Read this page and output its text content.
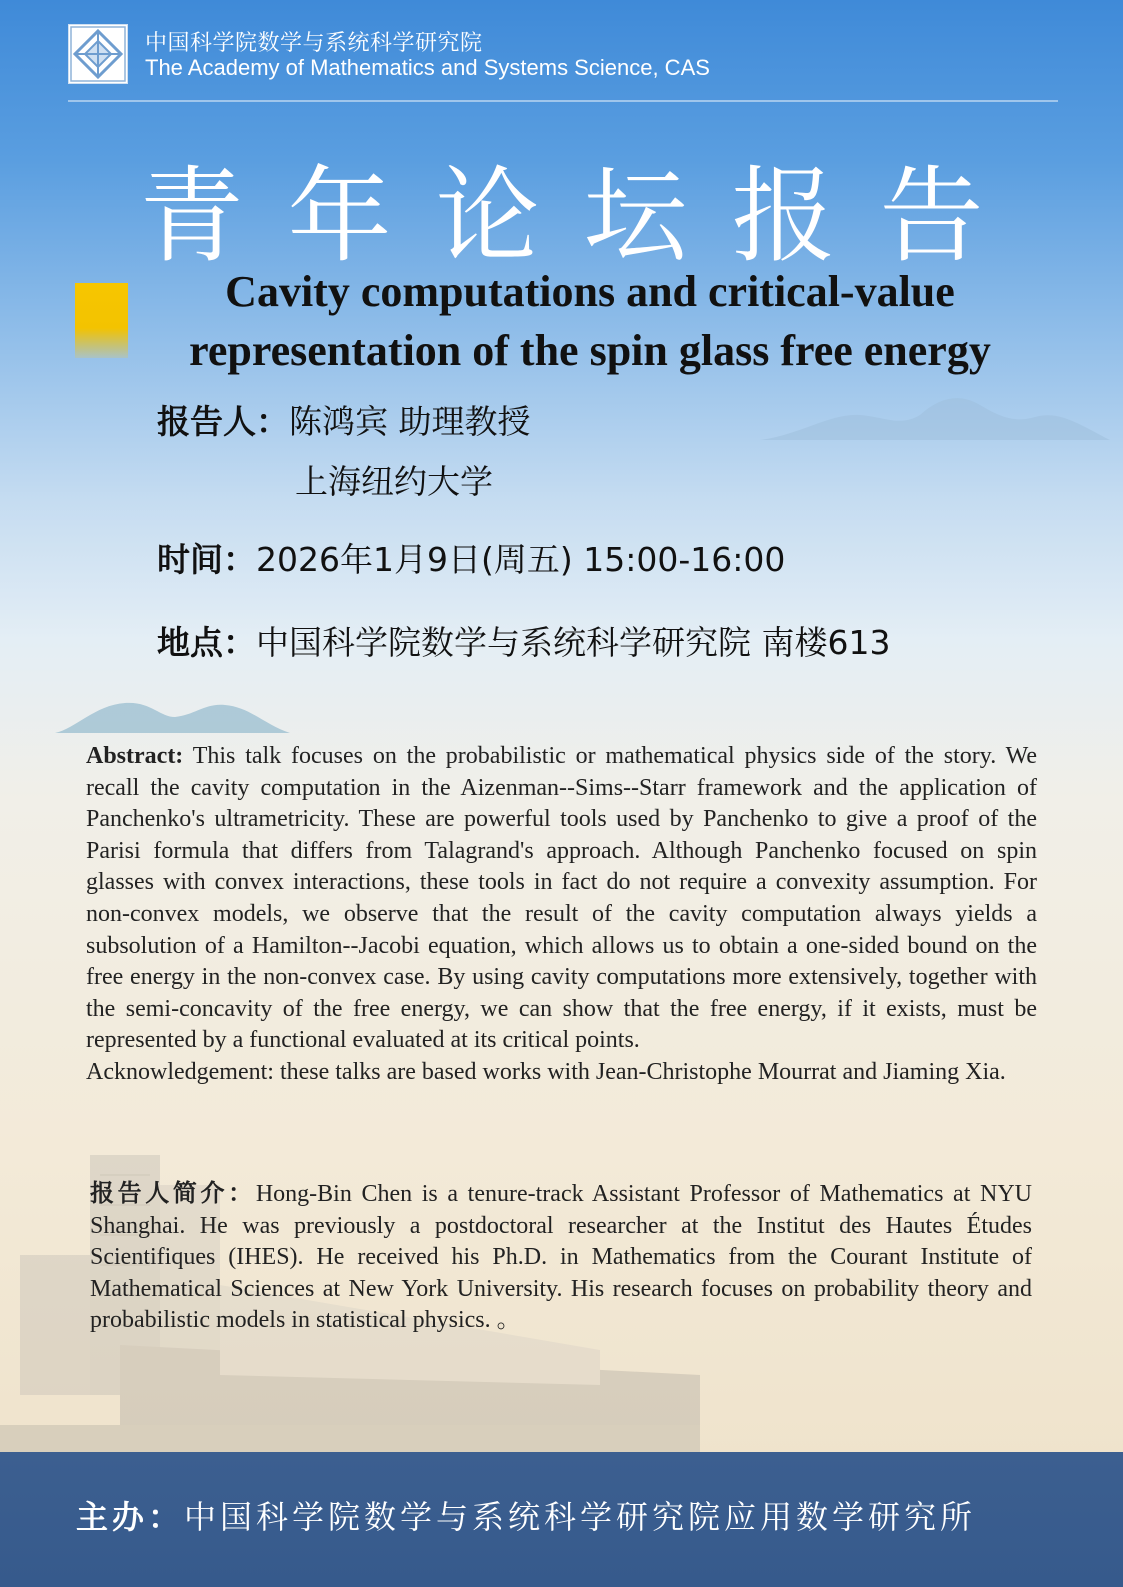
中国科学院数学与系统科学研究院
The Academy of Mathematics and Systems Science, CAS
青年论坛报告
Cavity computations and critical-value
representation of the spin glass free energy
报告人：陈鸿宾 助理教授
上海纽约大学
时间：2026年1月9日(周五) 15:00-16:00
地点：中国科学院数学与系统科学研究院 南楼613

Abstract: This talk focuses on the probabilistic or mathematical physics side of the story. We recall the cavity computation in the Aizenman--Sims--Starr framework and the application of Panchenko's ultrametricity. These are powerful tools used by Panchenko to give a proof of the Parisi formula that differs from Talagrand's approach. Although Panchenko focused on spin glasses with convex interactions, these tools in fact do not require a convexity assumption. For non-convex models, we observe that the result of the cavity computation always yields a subsolution of a Hamilton--Jacobi equation, which allows us to obtain a one-sided bound on the free energy in the non-convex case. By using cavity computations more extensively, together with the semi-concavity of the free energy, we can show that the free energy, if it exists, must be represented by a functional evaluated at its critical points.

Acknowledgement: these talks are based works with Jean-Christophe Mourrat and Jiaming Xia.

报告人简介：Hong-Bin Chen is a tenure-track Assistant Professor of Mathematics at NYU Shanghai. He was previously a postdoctoral researcher at the Institut des Hautes Études Scientifiques (IHES). He received his Ph.D. in Mathematics from the Courant Institute of Mathematical Sciences at New York University. His research focuses on probability theory and probabilistic models in statistical physics. 。
主办：中国科学院数学与系统科学研究院应用数学研究所
